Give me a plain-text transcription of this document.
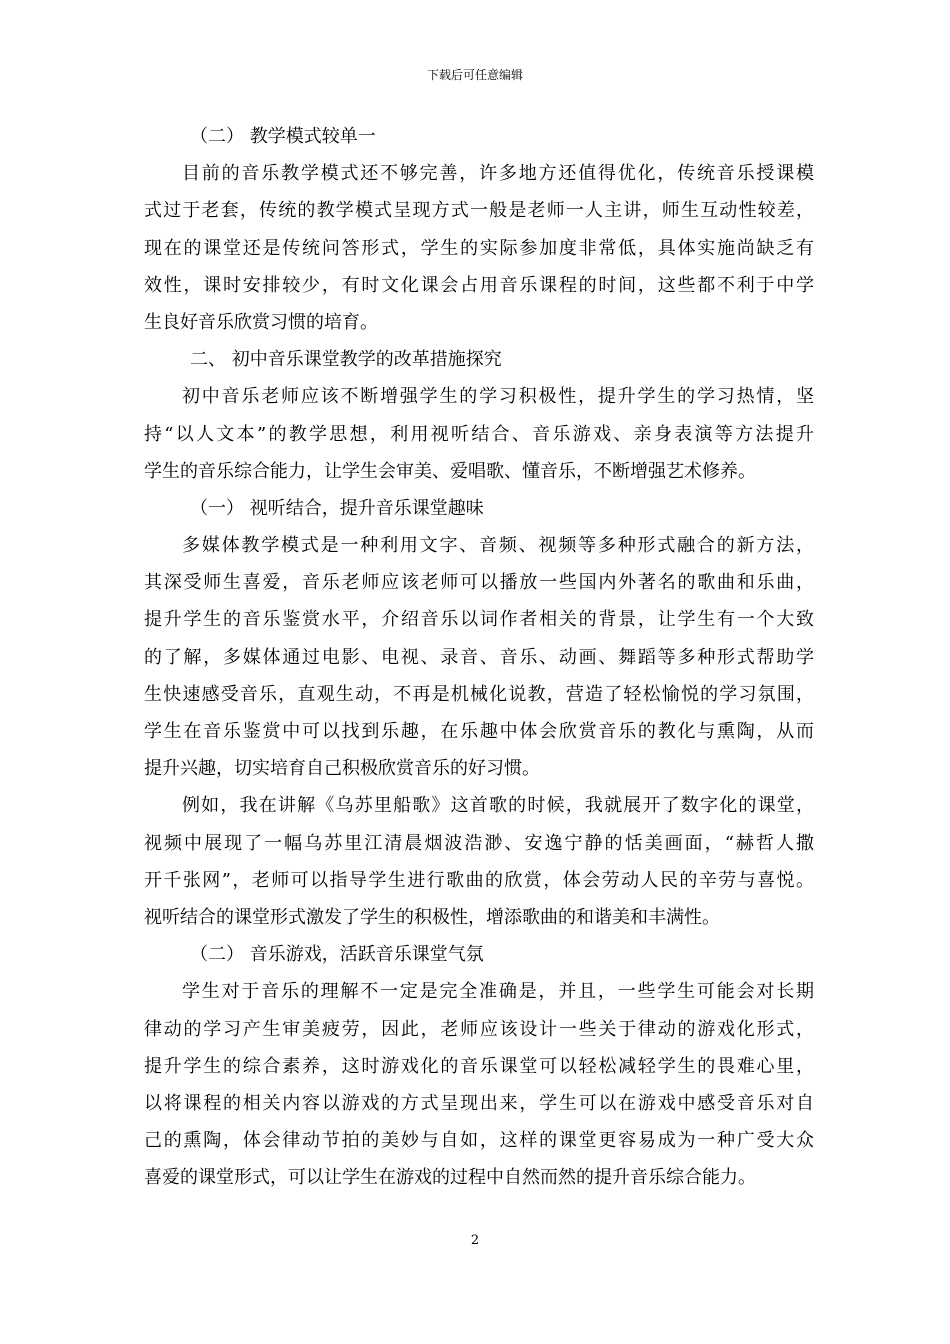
下载后可任意编辑
（二） 教学模式较单一
目前的音乐教学模式还不够完善，许多地方还值得优化，传统音乐授课模
式过于老套，传统的教学模式呈现方式一般是老师一人主讲，师生互动性较差，
现在的课堂还是传统问答形式，学生的实际参加度非常低，具体实施尚缺乏有
效性，课时安排较少，有时文化课会占用音乐课程的时间，这些都不利于中学
生良好音乐欣赏习惯的培育。
二、 初中音乐课堂教学的改革措施探究
初中音乐老师应该不断增强学生的学习积极性，提升学生的学习热情，坚
持“以人文本”的教学思想，利用视听结合、音乐游戏、亲身表演等方法提升
学生的音乐综合能力，让学生会审美、爱唱歌、懂音乐，不断增强艺术修养。
（一） 视听结合，提升音乐课堂趣味
多媒体教学模式是一种利用文字、音频、视频等多种形式融合的新方法，
其深受师生喜爱，音乐老师应该老师可以播放一些国内外著名的歌曲和乐曲，
提升学生的音乐鉴赏水平，介绍音乐以词作者相关的背景，让学生有一个大致
的了解，多媒体通过电影、电视、录音、音乐、动画、舞蹈等多种形式帮助学
生快速感受音乐，直观生动，不再是机械化说教，营造了轻松愉悦的学习氛围，
学生在音乐鉴赏中可以找到乐趣，在乐趣中体会欣赏音乐的教化与熏陶，从而
提升兴趣，切实培育自己积极欣赏音乐的好习惯。
例如，我在讲解《乌苏里船歌》这首歌的时候，我就展开了数字化的课堂，
视频中展现了一幅乌苏里江清晨烟波浩渺、安逸宁静的恬美画面，“赫哲人撒
开千张网”，老师可以指导学生进行歌曲的欣赏，体会劳动人民的辛劳与喜悦。
视听结合的课堂形式激发了学生的积极性，增添歌曲的和谐美和丰满性。
（二） 音乐游戏，活跃音乐课堂气氛
学生对于音乐的理解不一定是完全准确是，并且，一些学生可能会对长期
律动的学习产生审美疲劳，因此，老师应该设计一些关于律动的游戏化形式，
提升学生的综合素养，这时游戏化的音乐课堂可以轻松减轻学生的畏难心里，
以将课程的相关内容以游戏的方式呈现出来，学生可以在游戏中感受音乐对自
己的熏陶，体会律动节拍的美妙与自如，这样的课堂更容易成为一种广受大众
喜爱的课堂形式，可以让学生在游戏的过程中自然而然的提升音乐综合能力。
2
